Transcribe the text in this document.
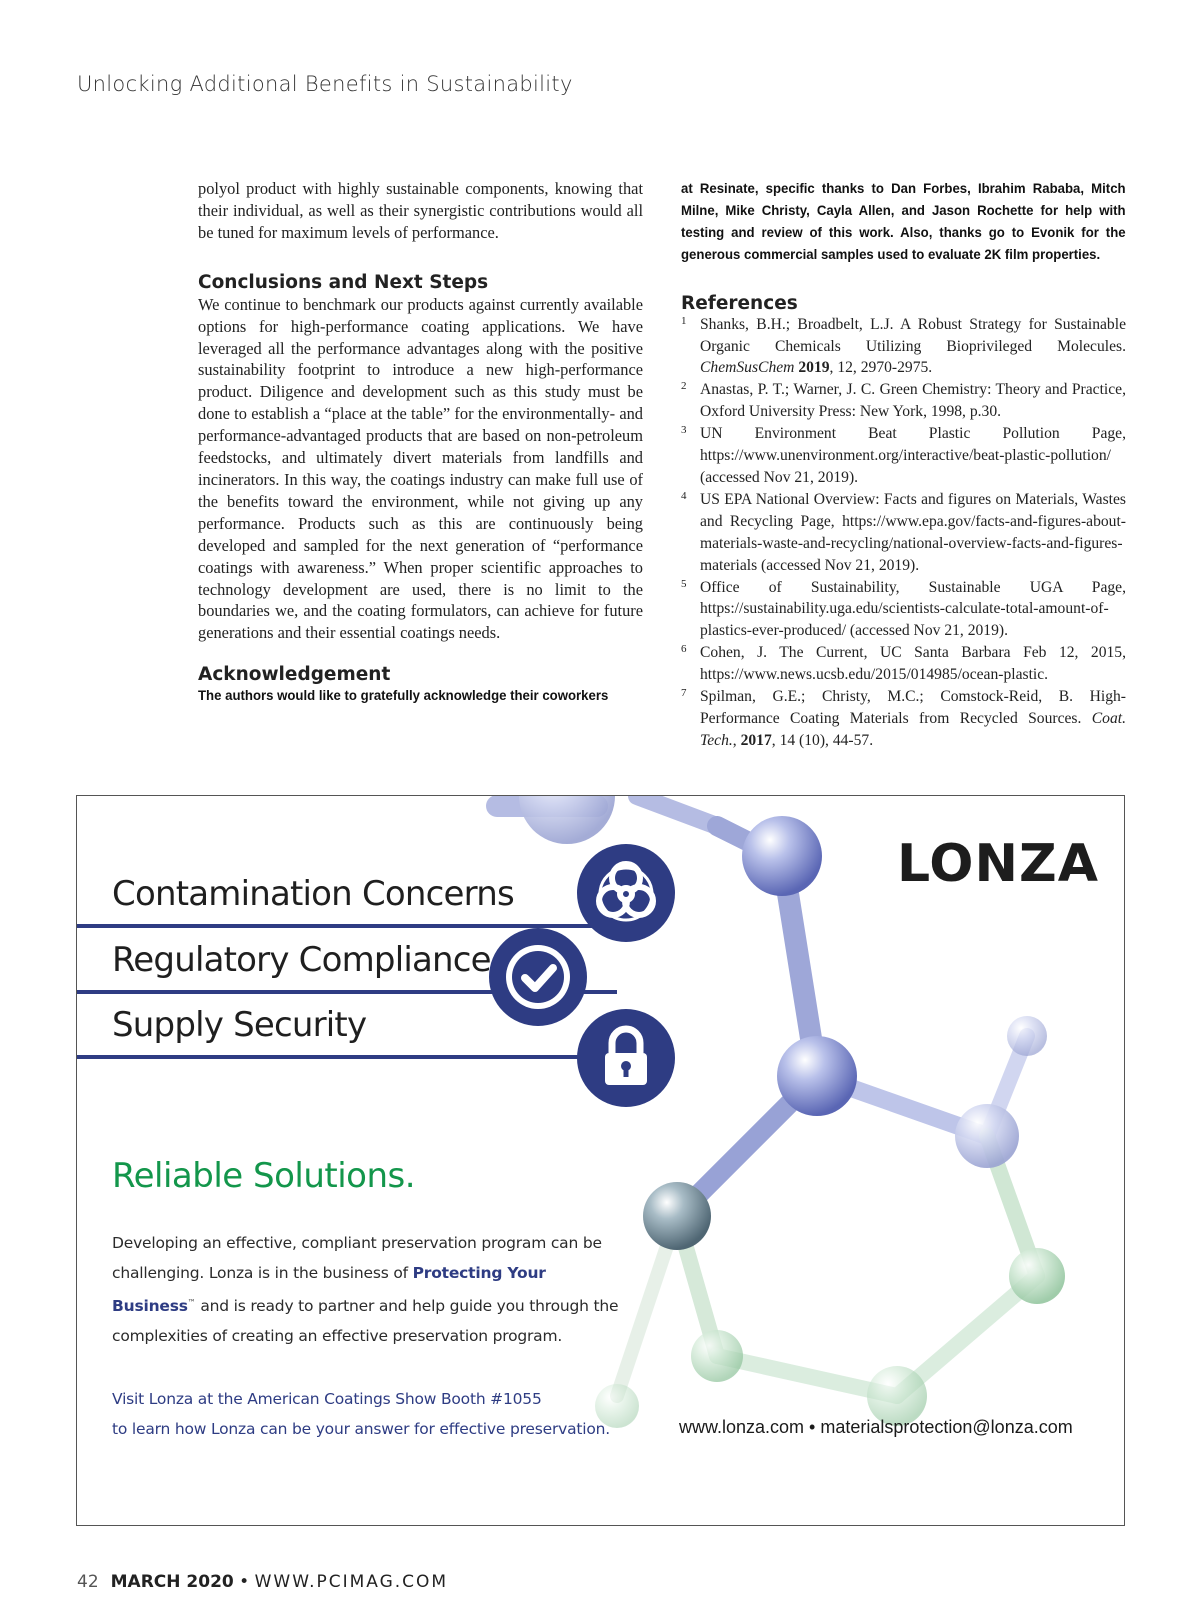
Unlocking Additional Benefits in Sustainability

polyol product with highly sustainable components, knowing that their individual, as well as their synergistic contributions would all be tuned for maximum levels of performance.

Conclusions and Next Steps

We continue to benchmark our products against currently available options for high-performance coating applications. We have leveraged all the performance advantages along with the positive sustainability footprint to introduce a new high-performance product. Diligence and development such as this study must be done to establish a “place at the table” for the environmentally- and performance-advantaged products that are based on non-petroleum feedstocks, and ultimately divert materials from landfills and incinerators. In this way, the coatings industry can make full use of the benefits toward the environment, while not giving up any performance. Products such as this are continuously being developed and sampled for the next generation of “performance coatings with awareness.” When proper scientific approaches to technology development are used, there is no limit to the boundaries we, and the coating formulators, can achieve for future generations and their essential coatings needs.

Acknowledgement

The authors would like to gratefully acknowledge their coworkers

at Resinate, specific thanks to Dan Forbes, Ibrahim Rababa, Mitch Milne, Mike Christy, Cayla Allen, and Jason Rochette for help with testing and review of this work. Also, thanks go to Evonik for the generous commercial samples used to evaluate 2K film properties.

References
1 Shanks, B.H.; Broadbelt, L.J. A Robust Strategy for Sustainable Organic Chemicals Utilizing Bioprivileged Molecules. ChemSusChem 2019, 12, 2970-2975.
2 Anastas, P. T.; Warner, J. C. Green Chemistry: Theory and Practice, Oxford University Press: New York, 1998, p.30.
3 UN Environment Beat Plastic Pollution Page, https://www.unenvironment.org/interactive/beat-plastic-pollution/ (accessed Nov 21, 2019).
4 US EPA National Overview: Facts and figures on Materials, Wastes and Recycling Page, https://www.epa.gov/facts-and-figures-about-materials-waste-and-recycling/national-overview-facts-and-figures-materials (accessed Nov 21, 2019).
5 Office of Sustainability, Sustainable UGA Page, https://sustainability.uga.edu/scientists-calculate-total-amount-of-plastics-ever-produced/ (accessed Nov 21, 2019).
6 Cohen, J. The Current, UC Santa Barbara Feb 12, 2015, https://www.news.ucsb.edu/2015/014985/ocean-plastic.
7 Spilman, G.E.; Christy, M.C.; Comstock-Reid, B. High-Performance Coating Materials from Recycled Sources. Coat. Tech., 2017, 14 (10), 44-57.
LONZA
Contamination Concerns
Regulatory Compliance
Supply Security
Reliable Solutions.
Developing an effective, compliant preservation program can be challenging. Lonza is in the business of Protecting Your Business™ and is ready to partner and help guide you through the complexities of creating an effective preservation program.
Visit Lonza at the American Coatings Show Booth #1055
to learn how Lonza can be your answer for effective preservation.	www.lonza.com • materialsprotection@lonza.com
42 MARCH 2020 • WWW.PCIMAG.COM
